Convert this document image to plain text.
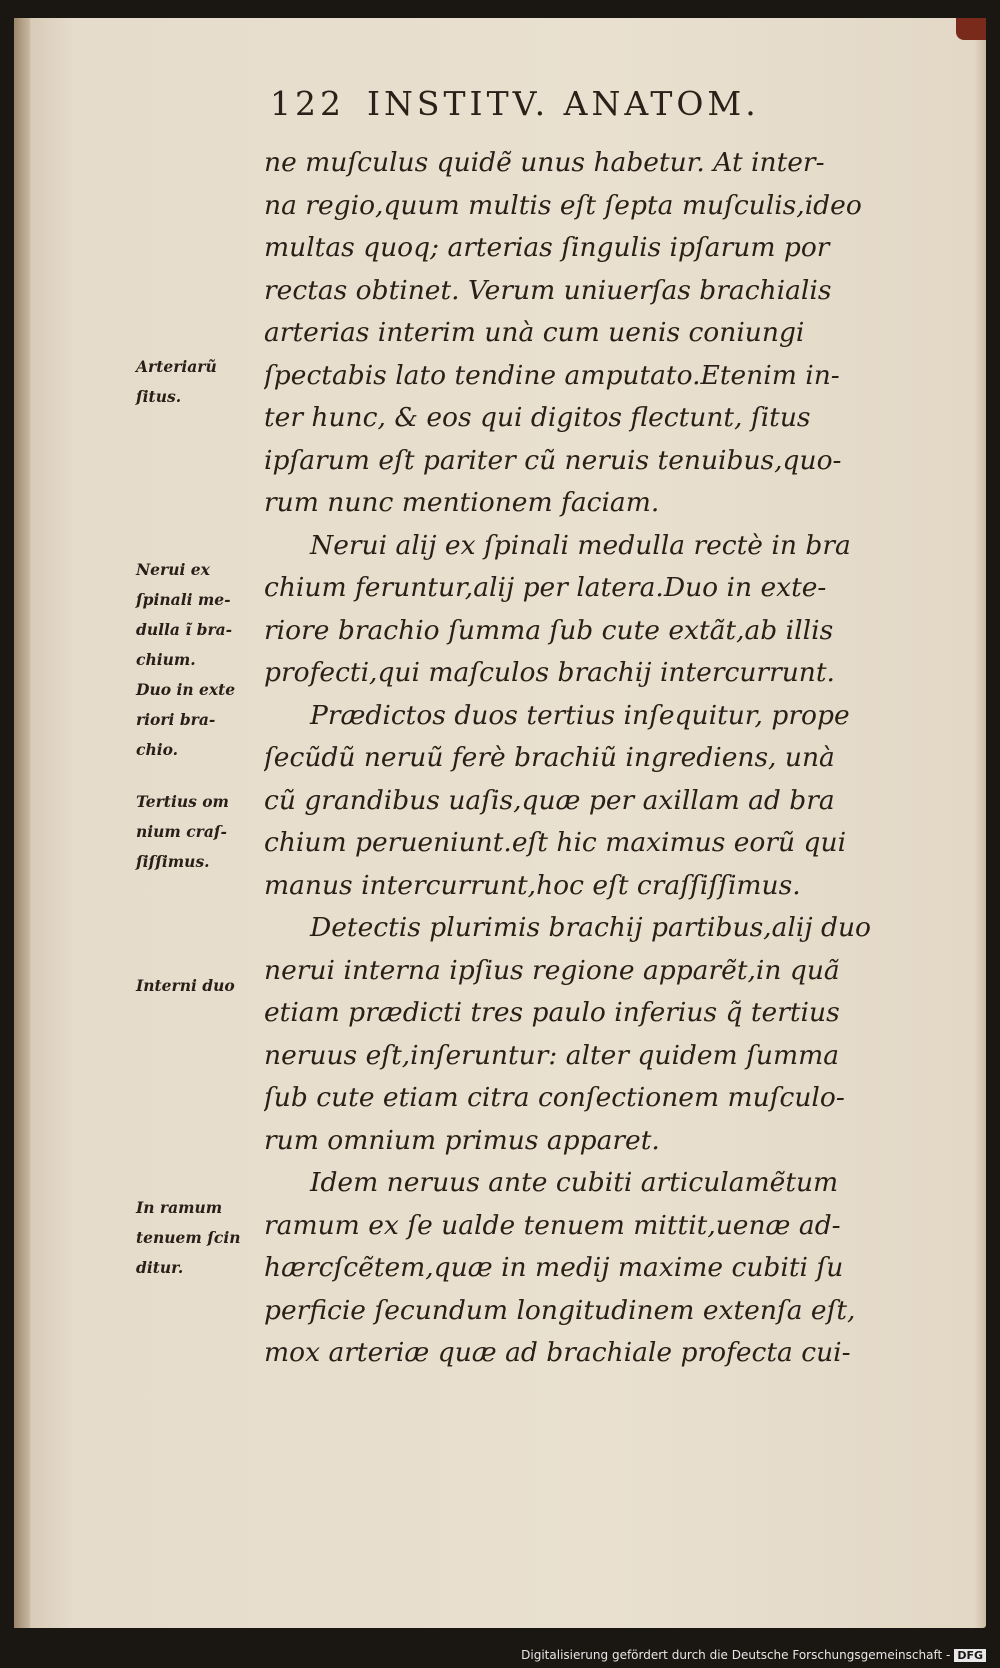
122 INSTITV. ANATOM.
ne muſculus quidẽ unus habetur. At inter-
na regio,quum multis eſt ſepta muſculis,ideo
multas quoq; arterias ſingulis ipſarum por
rectas obtinet. Verum uniuerſas brachialis
arterias interim unà cum uenis coniungi
ſpectabis lato tendine amputato.Etenim in-
ter hunc, & eos qui digitos flectunt, ſitus
ipſarum eſt pariter cũ neruis tenuibus,quo-
rum nunc mentionem faciam.
Nerui alij ex ſpinali medulla rectè in bra
chium feruntur,alij per latera.Duo in exte-
riore brachio ſumma ſub cute extãt,ab illis
profecti,qui maſculos brachij intercurrunt.
Prædictos duos tertius inſequitur, prope
ſecũdũ neruũ ferè brachiũ ingrediens, unà
cũ grandibus uaſis,quæ per axillam ad bra
chium perueniunt.eſt hic maximus eorũ qui
manus intercurrunt,hoc eſt craſſiſſimus.
Detectis plurimis brachij partibus,alij duo
nerui interna ipſius regione apparẽt,in quã
etiam prædicti tres paulo inferius q̃ tertius
neruus eſt,inſeruntur: alter quidem ſumma
ſub cute etiam citra conſectionem muſculo-
rum omnium primus apparet.
Idem neruus ante cubiti articulamẽtum
ramum ex ſe ualde tenuem mittit,uenæ ad-
hærcſcẽtem,quæ in medij maxime cubiti ſu
perficie ſecundum longitudinem extenſa eſt,
mox arteriæ quæ ad brachiale profecta cui-
Arteriarũ
ſitus.
Nerui ex
ſpinali me-
dulla ĩ bra-
chium.
Duo in exte
riori bra-
chio.
Tertius om
nium craſ-
ſiſſimus.
Interni duo
In ramum
tenuem ſcin
ditur.
Digitalisierung gefördert durch die Deutsche Forschungsgemeinschaft - DFG
